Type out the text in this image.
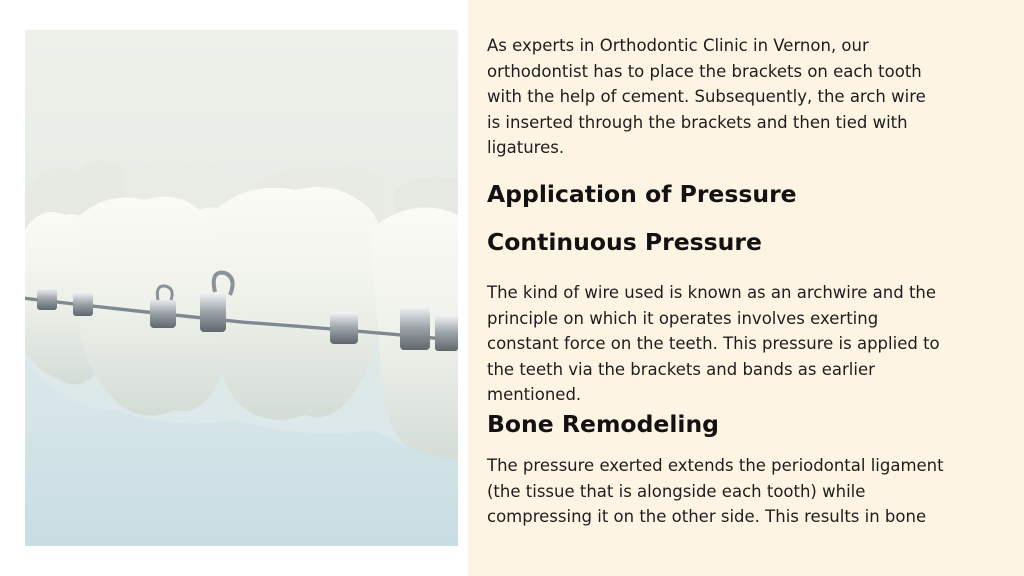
As experts in Orthodontic Clinic in Vernon, our
orthodontist has to place the brackets on each tooth
with the help of cement. Subsequently, the arch wire
is inserted through the brackets and then tied with
ligatures.
Application of Pressure
Continuous Pressure
The kind of wire used is known as an archwire and the
principle on which it operates involves exerting
constant force on the teeth. This pressure is applied to
the teeth via the brackets and bands as earlier
mentioned.
Bone Remodeling
The pressure exerted extends the periodontal ligament
(the tissue that is alongside each tooth) while
compressing it on the other side. This results in bone
